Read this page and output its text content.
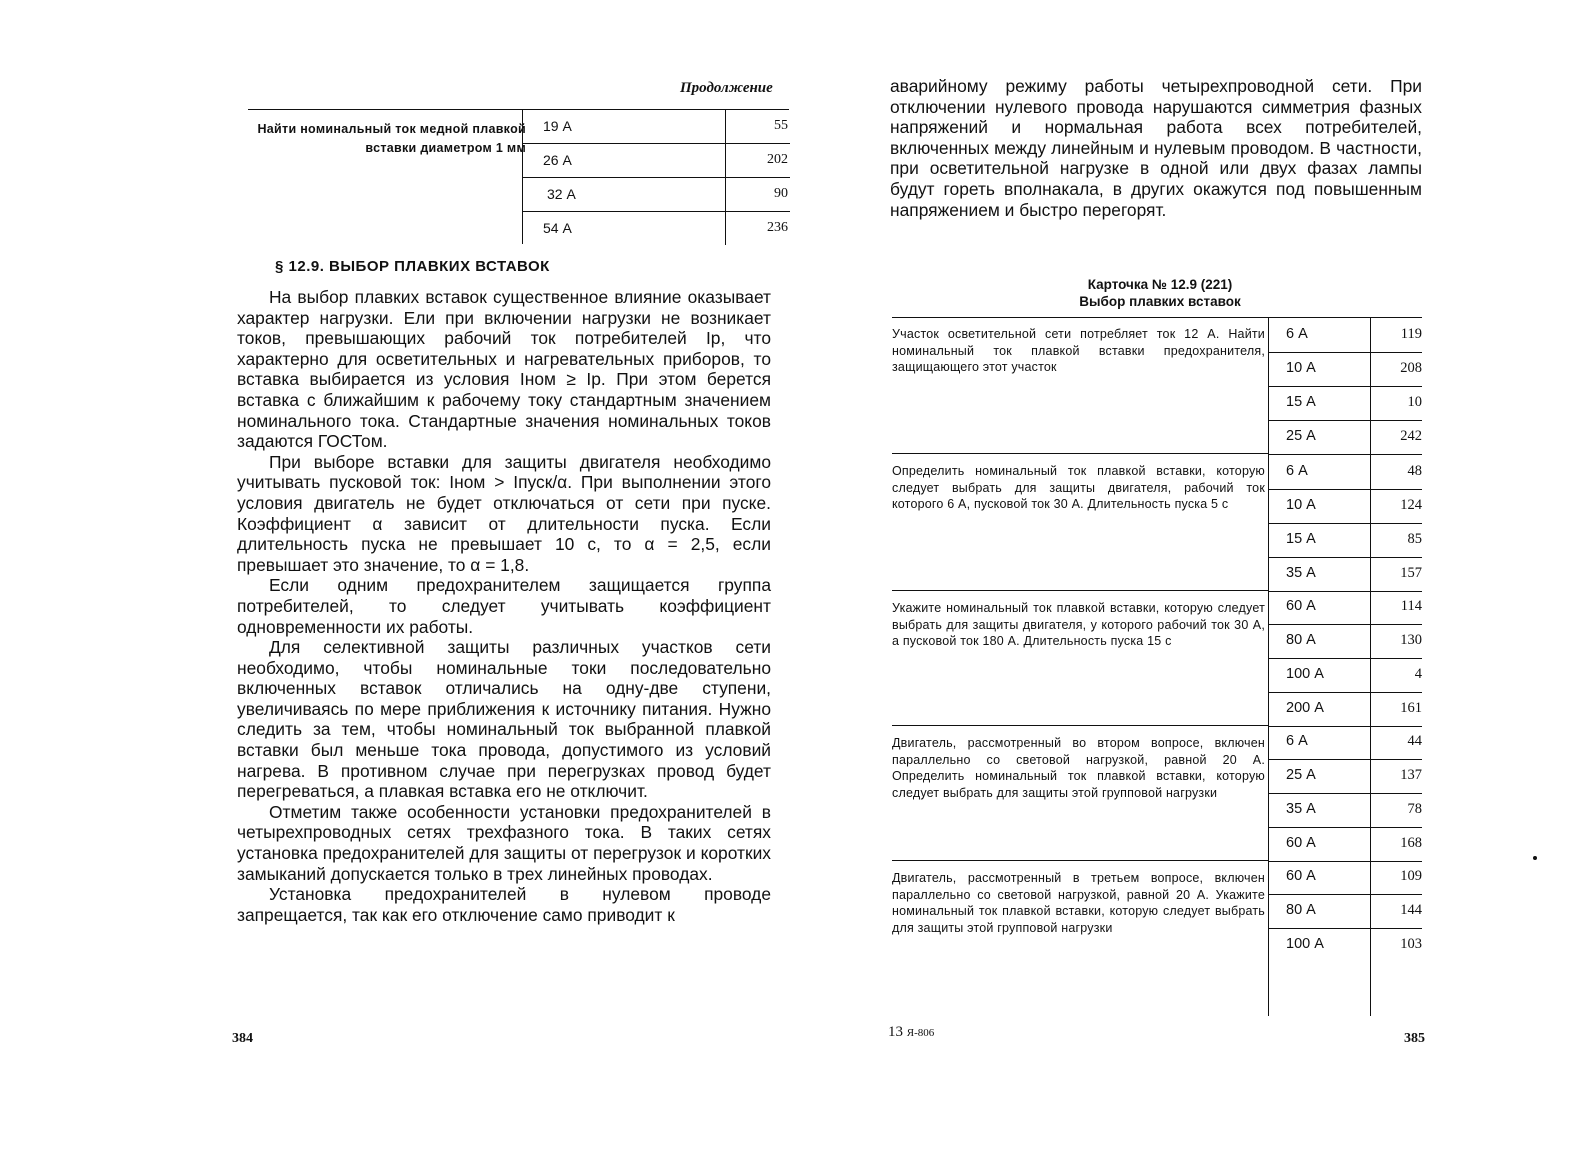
Продолжение
Найти номинальный ток медной плавкой вставки диаметром 1 мм
19 А	55
26 А	202
32 А	90
54 А	236
§ 12.9. ВЫБОР ПЛАВКИХ ВСТАВОК

На выбор плавких вставок существенное влияние оказывает характер нагрузки. Ели при включении нагрузки не возникает токов, превышающих рабочий ток потребителей Iр, что характерно для осветительных и нагревательных приборов, то вставка выбирается из условия Iном ≥ Iр. При этом берется вставка с ближайшим к рабочему току стандартным значением номинального тока. Стандартные значения номинальных токов задаются ГОСТом.

При выборе вставки для защиты двигателя необходимо учитывать пусковой ток: Iном > Iпуск/α. При выполнении этого условия двигатель не будет отключаться от сети при пуске. Коэффициент α зависит от длительности пуска. Если длительность пуска не превышает 10 с, то α = 2,5, если превышает это значение, то α = 1,8.

Если одним предохранителем защищается группа потребителей, то следует учитывать коэффициент одновременности их работы.

Для селективной защиты различных участков сети необходимо, чтобы номинальные токи последовательно включенных вставок отличались на одну-две ступени, увеличиваясь по мере приближения к источнику питания. Нужно следить за тем, чтобы номинальный ток выбранной плавкой вставки был меньше тока провода, допустимого из условий нагрева. В противном случае при перегрузках провод будет перегреваться, а плавкая вставка его не отключит.

Отметим также особенности установки предохранителей в четырехпроводных сетях трехфазного тока. В таких сетях установка предохранителей для защиты от перегрузок и коротких замыканий допускается только в трех линейных проводах.

Установка предохранителей в нулевом проводе запрещается, так как его отключение само приводит к

384

аварийному режиму работы четырехпроводной сети. При отключении нулевого провода нарушаются симметрия фазных напряжений и нормальная работа всех потребителей, включенных между линейным и нулевым проводом. В частности, при осветительной нагрузке в одной или двух фазах лампы будут гореть вполнакала, в других окажутся под повышенным напряжением и быстро перегорят.

Карточка № 12.9 (221)
Выбор плавких вставок
Участок осветительной сети потребляет ток 12 А. Найти номинальный ток плавкой вставки предохранителя, защищающего этот участок
6 А	119
10 А	208
15 А	10
25 А	242
Определить номинальный ток плавкой вставки, которую следует выбрать для защиты двигателя, рабочий ток которого 6 А, пусковой ток 30 А. Длительность пуска 5 с
6 А	48
10 А	124
15 А	85
35 А	157
Укажите номинальный ток плавкой вставки, которую следует выбрать для защиты двигателя, у которого рабочий ток 30 А, а пусковой ток 180 А. Длительность пуска 15 с
60 А	114
80 А	130
100 А	4
200 А	161
Двигатель, рассмотренный во втором вопросе, включен параллельно со световой нагрузкой, равной 20 А. Определить номинальный ток плавкой вставки, которую следует выбрать для защиты этой групповой нагрузки
6 А	44
25 А	137
35 А	78
60 А	168
Двигатель, рассмотренный в третьем вопросе, включен параллельно со световой нагрузкой, равной 20 А. Укажите номинальный ток плавкой вставки, которую следует выбрать для защиты этой групповой нагрузки
60 А	109
80 А	144
100 А	103
13 Я-806	385
